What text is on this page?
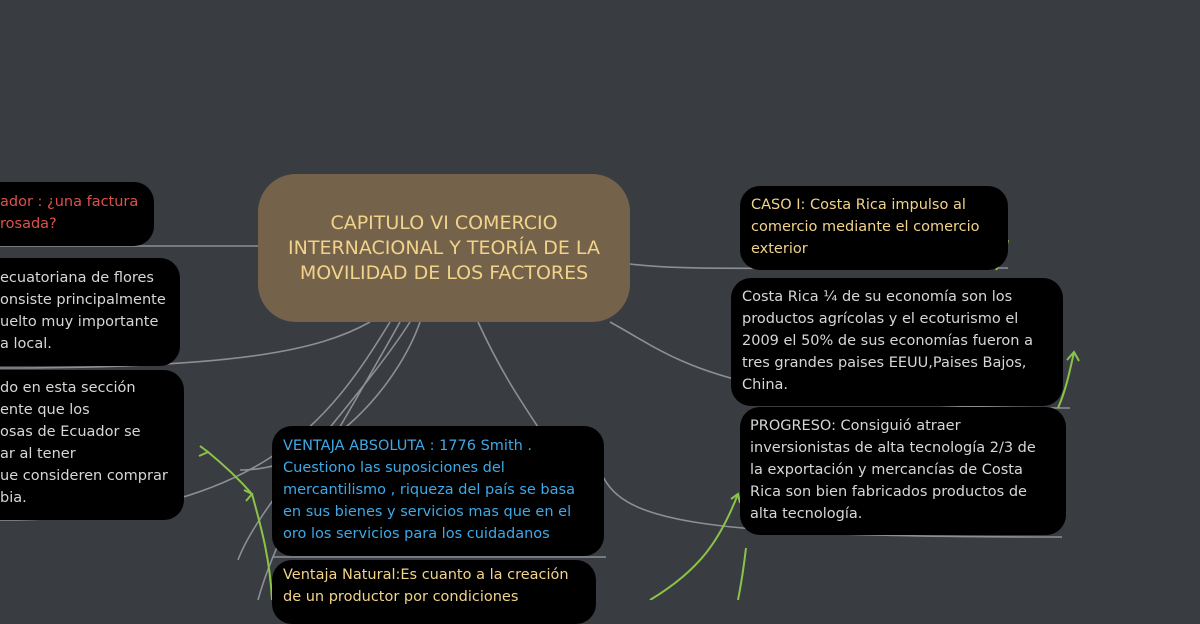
CAPITULO VI COMERCIO INTERNACIONAL Y TEORÍA DE LA MOVILIDAD DE LOS FACTORES

ador : ¿una factura
rosada?

ecuatoriana de flores
onsiste principalmente
uelto muy importante
a local.

do en esta sección
ente que los
osas de Ecuador se
ar al tener
ue consideren comprar
bia.

VENTAJA ABSOLUTA : 1776 Smith .
Cuestiono las suposiciones del
mercantilismo , riqueza del país se basa
en sus bienes y servicios mas que en el
oro los servicios para los cuidadanos

Ventaja Natural:Es cuanto a la creación
de un productor por condiciones

CASO I: Costa Rica impulso al
comercio mediante el comercio
exterior

Costa Rica ¼ de su economía son los
productos agrícolas y el ecoturismo el
2009 el 50% de sus economías fueron a
tres grandes paises EEUU,Paises Bajos,
China.

PROGRESO: Consiguió atraer
inversionistas de alta tecnología 2/3 de
la exportación y mercancías de Costa
Rica son bien fabricados productos de
alta tecnología.
